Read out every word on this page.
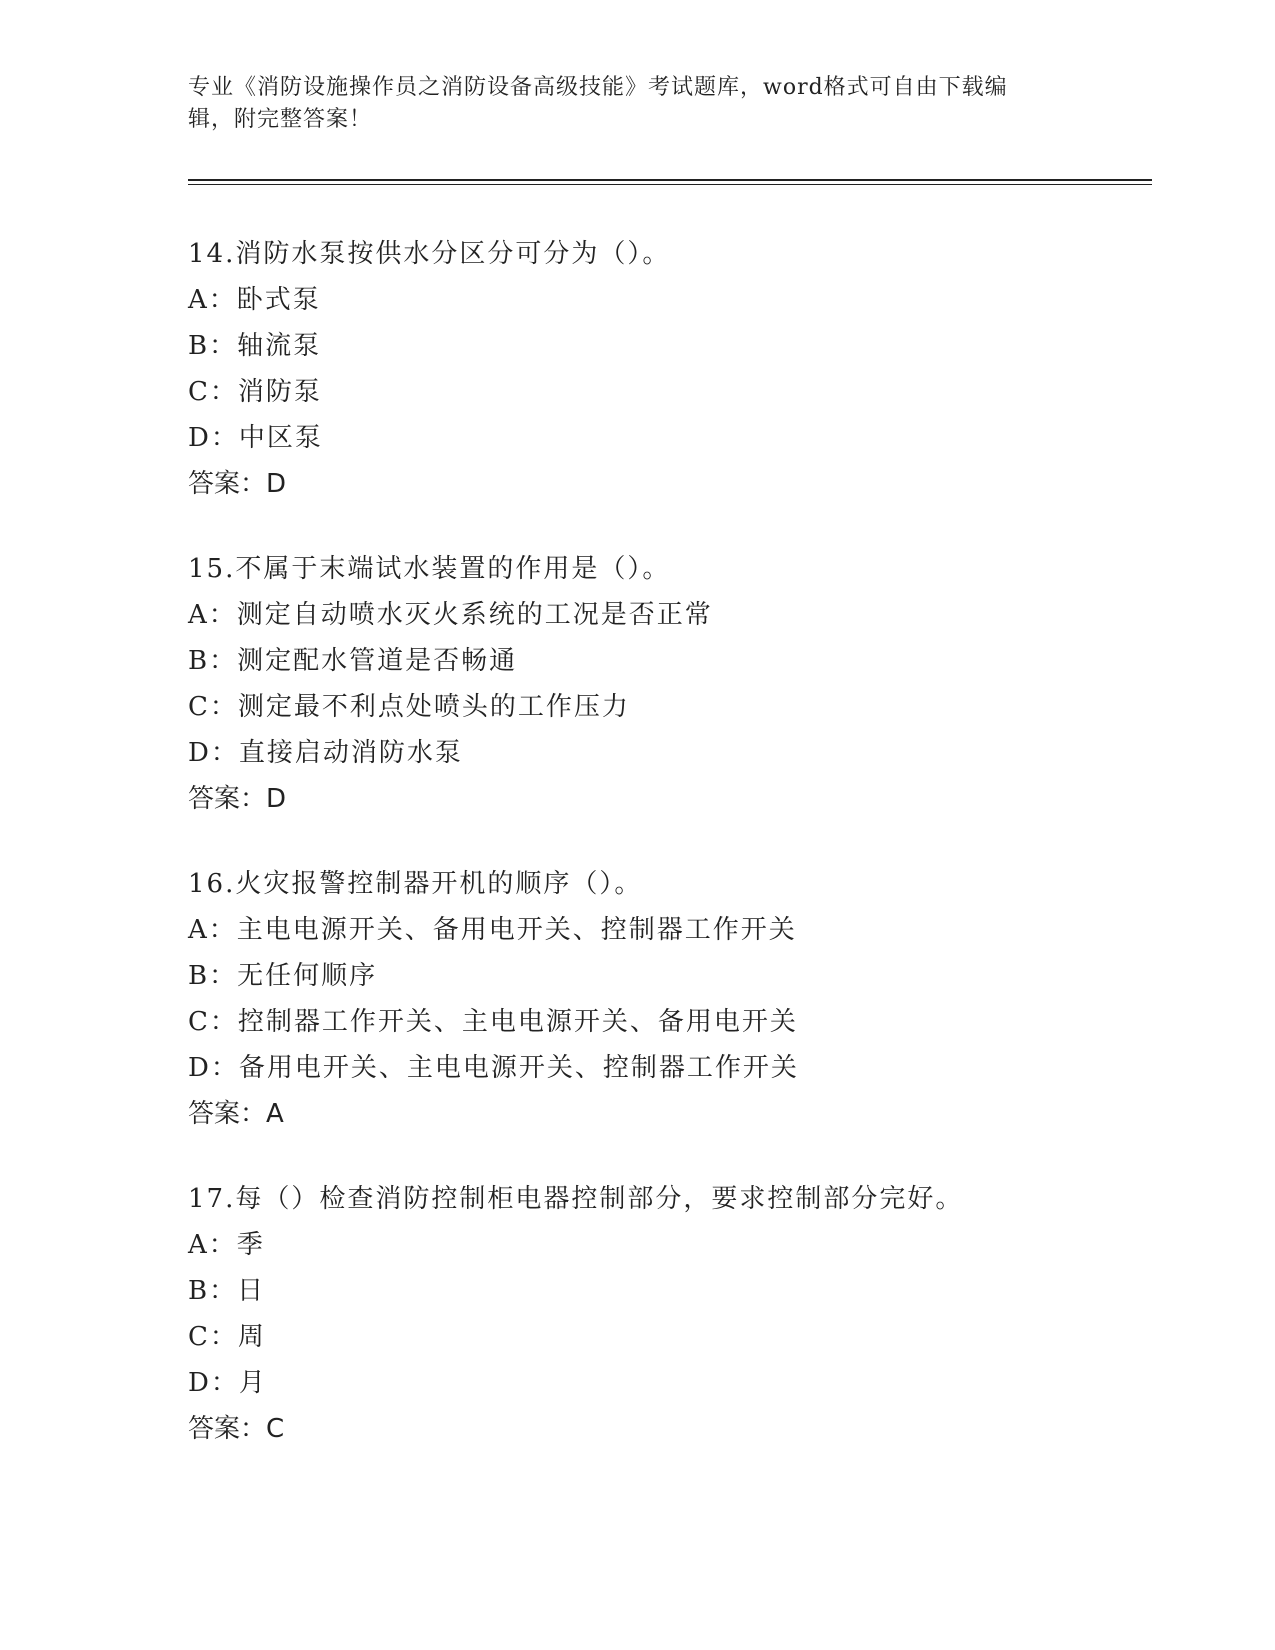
专业《消防设施操作员之消防设备高级技能》考试题库，word格式可自由下载编
辑，附完整答案！
14.消防水泵按供水分区分可分为（）。
A：卧式泵
B：轴流泵
C：消防泵
D：中区泵
答案：D
15.不属于末端试水装置的作用是（）。
A：测定自动喷水灭火系统的工况是否正常
B：测定配水管道是否畅通
C：测定最不利点处喷头的工作压力
D：直接启动消防水泵
答案：D
16.火灾报警控制器开机的顺序（）。
A：主电电源开关、备用电开关、控制器工作开关
B：无任何顺序
C：控制器工作开关、主电电源开关、备用电开关
D：备用电开关、主电电源开关、控制器工作开关
答案：A
17.每（）检查消防控制柜电器控制部分，要求控制部分完好。
A：季
B：日
C：周
D：月
答案：C
